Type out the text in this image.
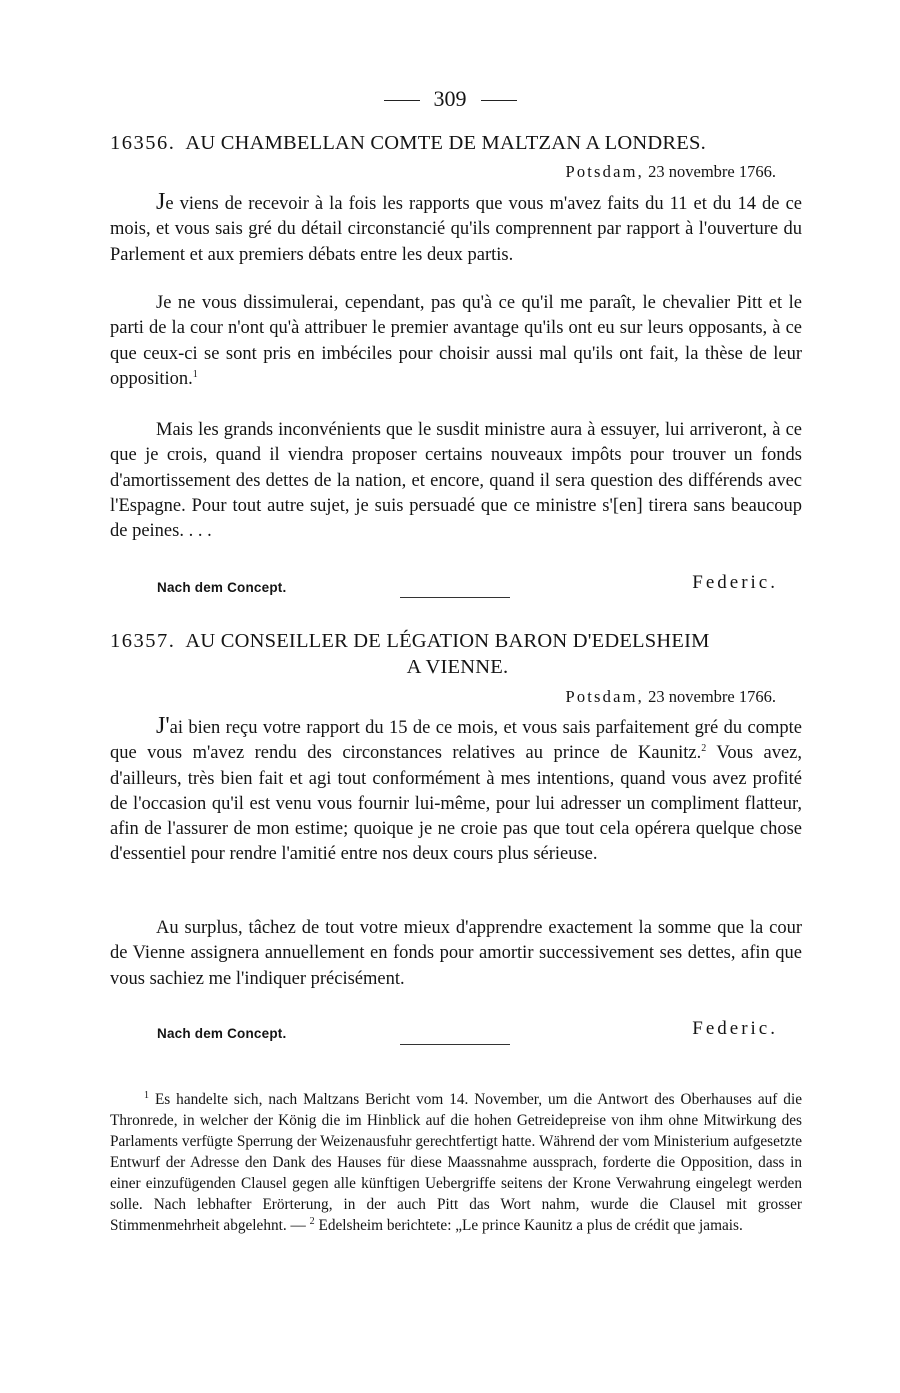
309
16356. AU CHAMBELLAN COMTE DE MALTZAN A LONDRES.
Potsdam, 23 novembre 1766.

Je viens de recevoir à la fois les rapports que vous m'avez faits du 11 et du 14 de ce mois, et vous sais gré du détail circonstancié qu'ils comprennent par rapport à l'ouverture du Parlement et aux premiers débats entre les deux partis.

Je ne vous dissimulerai, cependant, pas qu'à ce qu'il me paraît, le chevalier Pitt et le parti de la cour n'ont qu'à attribuer le premier avantage qu'ils ont eu sur leurs opposants, à ce que ceux-ci se sont pris en imbéciles pour choisir aussi mal qu'ils ont fait, la thèse de leur opposition.$^1$

Mais les grands inconvénients que le susdit ministre aura à essuyer, lui arriveront, à ce que je crois, quand il viendra proposer certains nouveaux impôts pour trouver un fonds d'amortissement des dettes de la nation, et encore, quand il sera question des différends avec l'Espagne. Pour tout autre sujet, je suis persuadé que ce ministre s'[en] tirera sans beaucoup de peines. . . .

Nach dem Concept.	Federic.
16357. AU CONSEILLER DE LÉGATION BARON D'EDELSHEIM
A VIENNE.
Potsdam, 23 novembre 1766.

J'ai bien reçu votre rapport du 15 de ce mois, et vous sais parfaitement gré du compte que vous m'avez rendu des circonstances relatives au prince de Kaunitz.$^2$ Vous avez, d'ailleurs, très bien fait et agi tout conformément à mes intentions, quand vous avez profité de l'occasion qu'il est venu vous fournir lui-même, pour lui adresser un compliment flatteur, afin de l'assurer de mon estime; quoique je ne croie pas que tout cela opérera quelque chose d'essentiel pour rendre l'amitié entre nos deux cours plus sérieuse.

Au surplus, tâchez de tout votre mieux d'apprendre exactement la somme que la cour de Vienne assignera annuellement en fonds pour amortir successivement ses dettes, afin que vous sachiez me l'indiquer précisément.

Nach dem Concept.	Federic.

$^1$ Es handelte sich, nach Maltzans Bericht vom 14. November, um die Antwort des Oberhauses auf die Thronrede, in welcher der König die im Hinblick auf die hohen Getreidepreise von ihm ohne Mitwirkung des Parlaments verfügte Sperrung der Weizenausfuhr gerechtfertigt hatte. Während der vom Ministerium aufgesetzte Entwurf der Adresse den Dank des Hauses für diese Maassnahme aussprach, forderte die Opposition, dass in einer einzufügenden Clausel gegen alle künftigen Uebergriffe seitens der Krone Verwahrung eingelegt werden solle. Nach lebhafter Erörterung, in der auch Pitt das Wort nahm, wurde die Clausel mit grosser Stimmenmehrheit abgelehnt. — $^2$ Edelsheim berichtete: „Le prince Kaunitz a plus de crédit que jamais.
